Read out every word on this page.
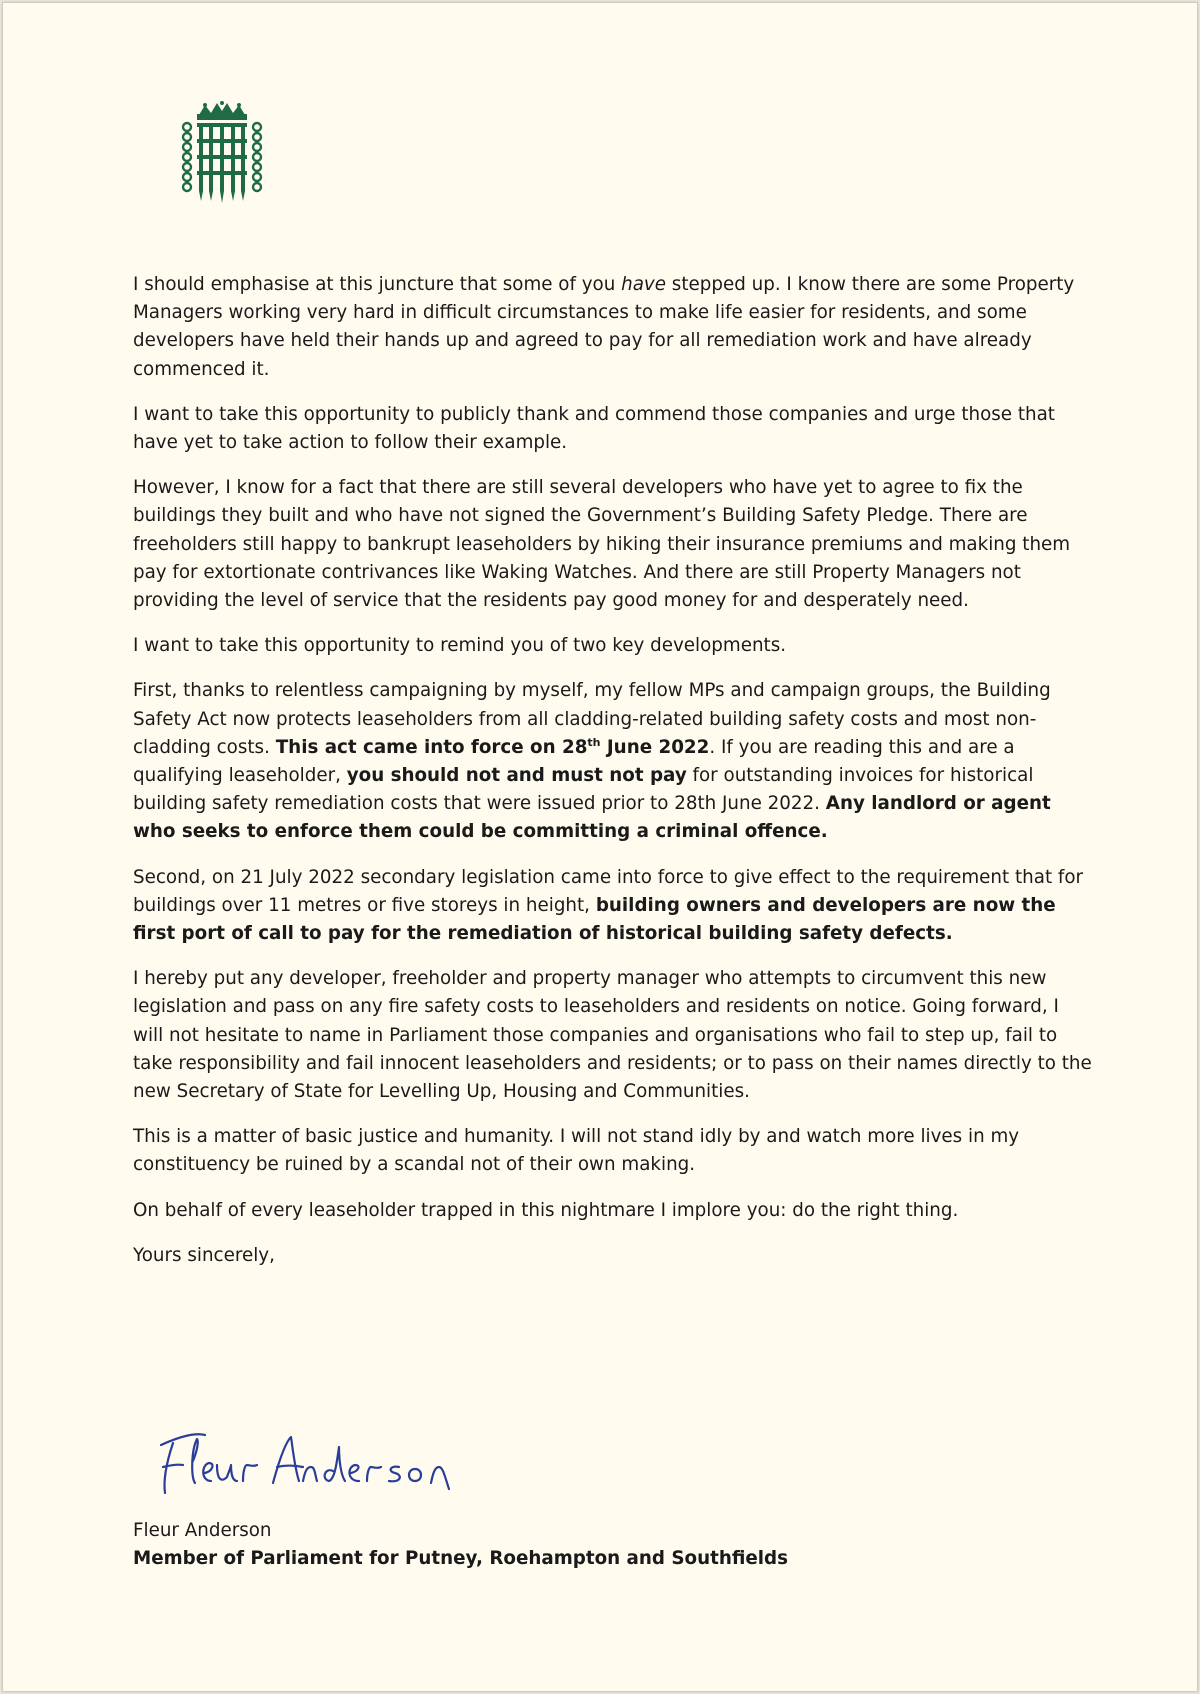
I should emphasise at this juncture that some of you have stepped up. I know there are some Property Managers working very hard in difficult circumstances to make life easier for residents, and some developers have held their hands up and agreed to pay for all remediation work and have already commenced it.

I want to take this opportunity to publicly thank and commend those companies and urge those that have yet to take action to follow their example.

However, I know for a fact that there are still several developers who have yet to agree to fix the buildings they built and who have not signed the Government’s Building Safety Pledge. There are freeholders still happy to bankrupt leaseholders by hiking their insurance premiums and making them pay for extortionate contrivances like Waking Watches. And there are still Property Managers not providing the level of service that the residents pay good money for and desperately need.

I want to take this opportunity to remind you of two key developments.

First, thanks to relentless campaigning by myself, my fellow MPs and campaign groups, the Building Safety Act now protects leaseholders from all cladding-related building safety costs and most non-cladding costs. This act came into force on 28th June 2022. If you are reading this and are a qualifying leaseholder, you should not and must not pay for outstanding invoices for historical building safety remediation costs that were issued prior to 28th June 2022. Any landlord or agent who seeks to enforce them could be committing a criminal offence.

Second, on 21 July 2022 secondary legislation came into force to give effect to the requirement that for buildings over 11 metres or five storeys in height, building owners and developers are now the first port of call to pay for the remediation of historical building safety defects.

I hereby put any developer, freeholder and property manager who attempts to circumvent this new legislation and pass on any fire safety costs to leaseholders and residents on notice. Going forward, I will not hesitate to name in Parliament those companies and organisations who fail to step up, fail to take responsibility and fail innocent leaseholders and residents; or to pass on their names directly to the new Secretary of State for Levelling Up, Housing and Communities.

This is a matter of basic justice and humanity. I will not stand idly by and watch more lives in my constituency be ruined by a scandal not of their own making.

On behalf of every leaseholder trapped in this nightmare I implore you: do the right thing.

Yours sincerely,

Fleur Anderson
Member of Parliament for Putney, Roehampton and Southfields
